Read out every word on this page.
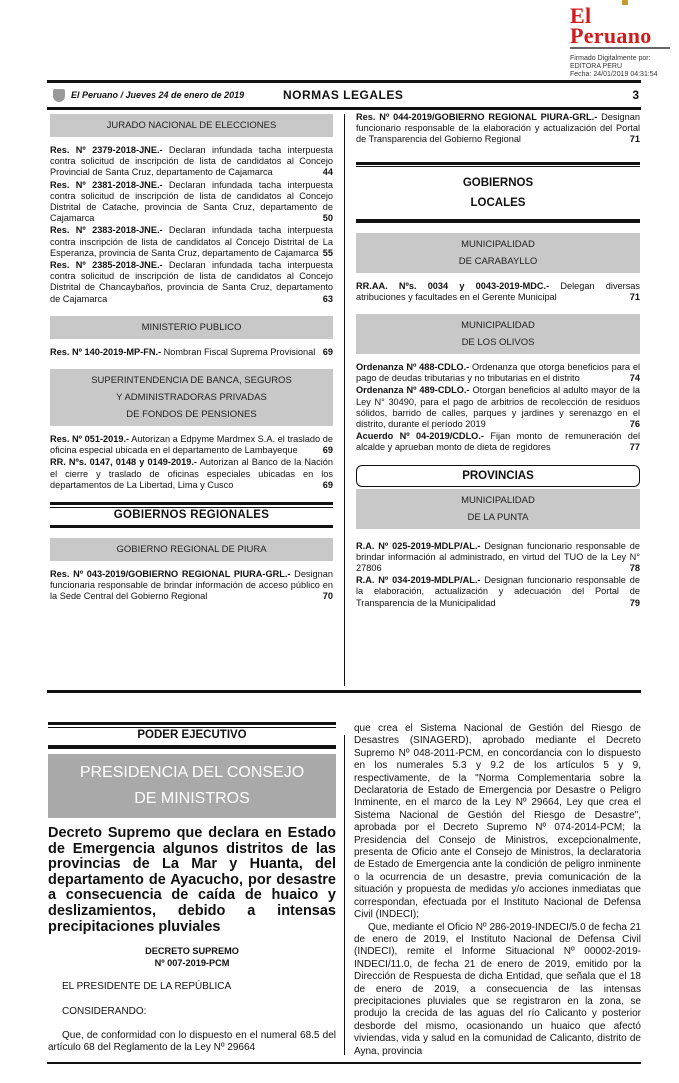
El Peruano
Firmado Digitalmente por:
EDITORA PERU
Fecha: 24/01/2019 04:31:54
El Peruano / Jueves 24 de enero de 2019	NORMAS LEGALES	3
JURADO NACIONAL DE ELECCIONES
Res. Nº 2379-2018-JNE.- Declaran infundada tacha interpuesta contra solicitud de inscripción de lista de candidatos al Concejo Provincial de Santa Cruz, departamento de Cajamarca	44
Res. Nº 2381-2018-JNE.- Declaran infundada tacha interpuesta contra solicitud de inscripción de lista de candidatos al Concejo Distrital de Catache, provincia de Santa Cruz, departamento de Cajamarca	50
Res. Nº 2383-2018-JNE.- Declaran infundada tacha interpuesta contra inscripción de lista de candidatos al Concejo Distrital de La Esperanza, provincia de Santa Cruz, departamento de Cajamarca 55
Res. Nº 2385-2018-JNE.- Declaran infundada tacha interpuesta contra solicitud de inscripción de lista de candidatos al Concejo Distrital de Chancaybaños, provincia de Santa Cruz, departamento de Cajamarca	63
MINISTERIO PUBLICO
Res. Nº 140-2019-MP-FN.- Nombran Fiscal Suprema Provisional 69
SUPERINTENDENCIA DE BANCA, SEGUROS
Y ADMINISTRADORAS PRIVADAS
DE FONDOS DE PENSIONES
Res. Nº 051-2019.- Autorizan a Edpyme Mardmex S.A. el traslado de oficina especial ubicada en el departamento de Lambayeque	69
RR. Nºs. 0147, 0148 y 0149-2019.- Autorizan al Banco de la Nación el cierre y traslado de oficinas especiales ubicadas en los departamentos de La Libertad, Lima y Cusco	69
GOBIERNOS REGIONALES
GOBIERNO REGIONAL DE PIURA
Res. Nº 043-2019/GOBIERNO REGIONAL PIURA-GRL.- Designan funcionaria responsable de brindar información de acceso público en la Sede Central del Gobierno Regional	70
Res. Nº 044-2019/GOBIERNO REGIONAL PIURA-GRL.- Designan funcionario responsable de la elaboración y actualización del Portal de Transparencia del Gobierno Regional	71
GOBIERNOS
LOCALES
MUNICIPALIDAD
DE CARABAYLLO
RR.AA. Nºs. 0034 y 0043-2019-MDC.- Delegan diversas atribuciones y facultades en el Gerente Municipal	71
MUNICIPALIDAD
DE LOS OLIVOS
Ordenanza Nº 488-CDLO.- Ordenanza que otorga beneficios para el pago de deudas tributarias y no tributarias en el distrito	74
Ordenanza Nº 489-CDLO.- Otorgan beneficios al adulto mayor de la Ley N° 30490, para el pago de arbitrios de recolección de residuos sólidos, barrido de calles, parques y jardines y serenazgo en el distrito, durante el período 2019	76
Acuerdo Nº 04-2019/CDLO.- Fijan monto de remuneración del alcalde y aprueban monto de dieta de regidores	77
PROVINCIAS
MUNICIPALIDAD
DE LA PUNTA
R.A. Nº 025-2019-MDLP/AL.- Designan funcionario responsable de brindar información al administrado, en virtud del TUO de la Ley N° 27806	78
R.A. Nº 034-2019-MDLP/AL.- Designan funcionario responsable de la elaboración, actualización y adecuación del Portal de Transparencia de la Municipalidad	79
PODER EJECUTIVO
PRESIDENCIA DEL CONSEJO
DE MINISTROS
Decreto Supremo que declara en Estado de Emergencia algunos distritos de las provincias de La Mar y Huanta, del departamento de Ayacucho, por desastre a consecuencia de caída de huaico y deslizamientos, debido a intensas precipitaciones pluviales
DECRETO SUPREMO
Nº 007-2019-PCM
EL PRESIDENTE DE LA REPÚBLICA
CONSIDERANDO:
Que, de conformidad con lo dispuesto en el numeral 68.5 del artículo 68 del Reglamento de la Ley Nº 29664
que crea el Sistema Nacional de Gestión del Riesgo de Desastres (SINAGERD), aprobado mediante el Decreto Supremo Nº 048-2011-PCM, en concordancia con lo dispuesto en los numerales 5.3 y 9.2 de los artículos 5 y 9, respectivamente, de la "Norma Complementaria sobre la Declaratoria de Estado de Emergencia por Desastre o Peligro Inminente, en el marco de la Ley Nº 29664, Ley que crea el Sistema Nacional de Gestión del Riesgo de Desastre", aprobada por el Decreto Supremo Nº 074-2014-PCM; la Presidencia del Consejo de Ministros, excepcionalmente, presenta de Oficio ante el Consejo de Ministros, la declaratoria de Estado de Emergencia ante la condición de peligro inminente o la ocurrencia de un desastre, previa comunicación de la situación y propuesta de medidas y/o acciones inmediatas que correspondan, efectuada por el Instituto Nacional de Defensa Civil (INDECI);
Que, mediante el Oficio Nº 286-2019-INDECI/5.0 de fecha 21 de enero de 2019, el Instituto Nacional de Defensa Civil (INDECI), remite el Informe Situacional Nº 00002-2019-INDECI/11.0, de fecha 21 de enero de 2019, emitido por la Dirección de Respuesta de dicha Entidad, que señala que el 18 de enero de 2019, a consecuencia de las intensas precipitaciones pluviales que se registraron en la zona, se produjo la crecida de las aguas del río Calicanto y posterior desborde del mismo, ocasionando un huaico que afectó viviendas, vida y salud en la comunidad de Calicanto, distrito de Ayna, provincia
